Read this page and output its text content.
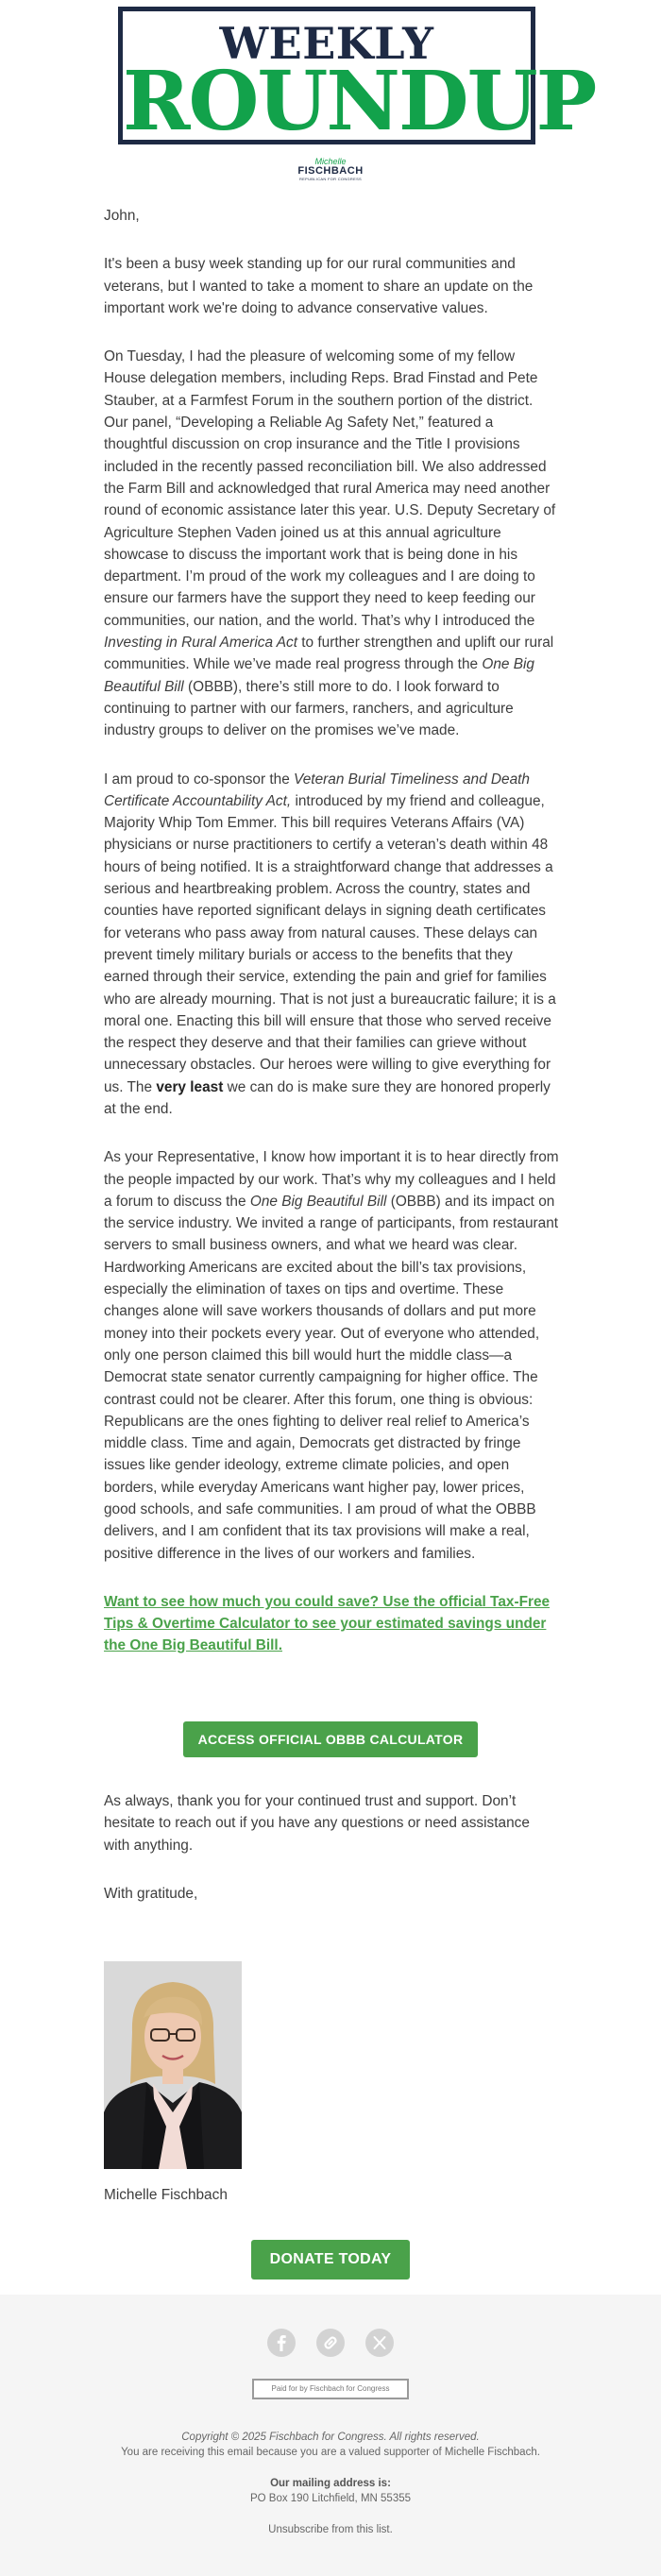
WEEKLY
ROUNDUP
Michelle
FISCHBACH
REPUBLICAN FOR CONGRESS

John,

It's been a busy week standing up for our rural communities and veterans, but I wanted to take a moment to share an update on the important work we're doing to advance conservative values.

On Tuesday, I had the pleasure of welcoming some of my fellow House delegation members, including Reps. Brad Finstad and Pete Stauber, at a Farmfest Forum in the southern portion of the district. Our panel, “Developing a Reliable Ag Safety Net,” featured a thoughtful discussion on crop insurance and the Title I provisions included in the recently passed reconciliation bill. We also addressed the Farm Bill and acknowledged that rural America may need another round of economic assistance later this year. U.S. Deputy Secretary of Agriculture Stephen Vaden joined us at this annual agriculture showcase to discuss the important work that is being done in his department. I’m proud of the work my colleagues and I are doing to ensure our farmers have the support they need to keep feeding our communities, our nation, and the world. That’s why I introduced the Investing in Rural America Act to further strengthen and uplift our rural communities. While we’ve made real progress through the One Big Beautiful Bill (OBBB), there’s still more to do. I look forward to continuing to partner with our farmers, ranchers, and agriculture industry groups to deliver on the promises we’ve made.

I am proud to co-sponsor the Veteran Burial Timeliness and Death Certificate Accountability Act, introduced by my friend and colleague, Majority Whip Tom Emmer. This bill requires Veterans Affairs (VA) physicians or nurse practitioners to certify a veteran’s death within 48 hours of being notified. It is a straightforward change that addresses a serious and heartbreaking problem. Across the country, states and counties have reported significant delays in signing death certificates for veterans who pass away from natural causes. These delays can prevent timely military burials or access to the benefits that they earned through their service, extending the pain and grief for families who are already mourning. That is not just a bureaucratic failure; it is a moral one. Enacting this bill will ensure that those who served receive the respect they deserve and that their families can grieve without unnecessary obstacles. Our heroes were willing to give everything for us. The very least we can do is make sure they are honored properly at the end.

As your Representative, I know how important it is to hear directly from the people impacted by our work. That’s why my colleagues and I held a forum to discuss the One Big Beautiful Bill (OBBB) and its impact on the service industry. We invited a range of participants, from restaurant servers to small business owners, and what we heard was clear. Hardworking Americans are excited about the bill’s tax provisions, especially the elimination of taxes on tips and overtime. These changes alone will save workers thousands of dollars and put more money into their pockets every year. Out of everyone who attended, only one person claimed this bill would hurt the middle class—a Democrat state senator currently campaigning for higher office. The contrast could not be clearer. After this forum, one thing is obvious: Republicans are the ones fighting to deliver real relief to America’s middle class. Time and again, Democrats get distracted by fringe issues like gender ideology, extreme climate policies, and open borders, while everyday Americans want higher pay, lower prices, good schools, and safe communities. I am proud of what the OBBB delivers, and I am confident that its tax provisions will make a real, positive difference in the lives of our workers and families.

Want to see how much you could save? Use the official Tax-Free Tips & Overtime Calculator to see your estimated savings under the One Big Beautiful Bill.
ACCESS OFFICIAL OBBB CALCULATOR

As always, thank you for your continued trust and support. Don’t hesitate to reach out if you have any questions or need assistance with anything.

With gratitude,

Michelle Fischbach
DONATE TODAY

Paid for by Fischbach for Congress
Copyright © 2025 Fischbach for Congress. All rights reserved.
You are receiving this email because you are a valued supporter of Michelle Fischbach.
Our mailing address is:
PO Box 190 Litchfield, MN 55355
Unsubscribe from this list.
